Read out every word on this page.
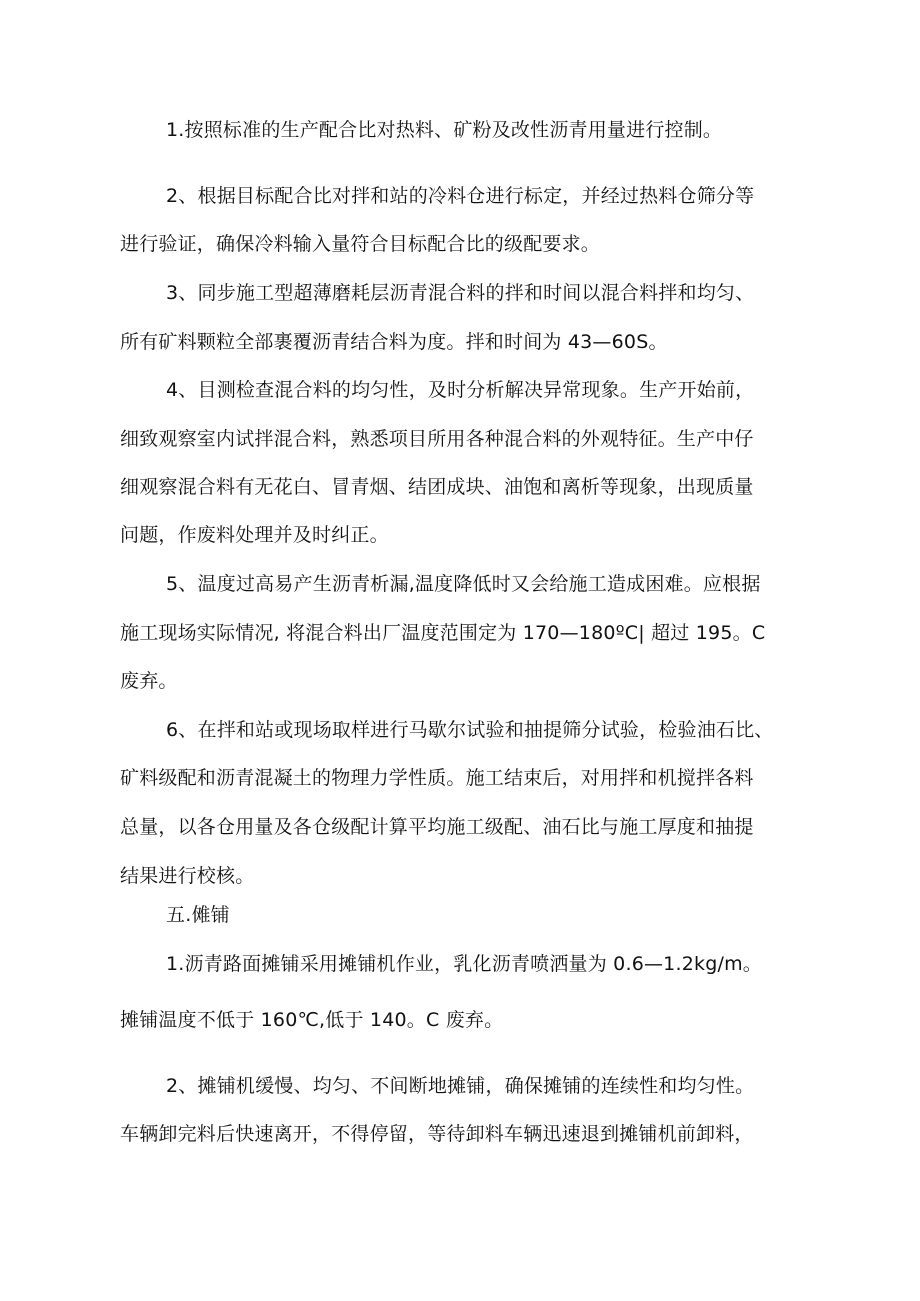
1.按照标准的生产配合比对热料、矿粉及改性沥青用量进行控制。
2、根据目标配合比对拌和站的冷料仓进行标定，并经过热料仓筛分等
进行验证，确保冷料输入量符合目标配合比的级配要求。
3、同步施工型超薄磨耗层沥青混合料的拌和时间以混合料拌和均匀、
所有矿料颗粒全部裹覆沥青结合料为度。拌和时间为 43—60S。
4、目测检查混合料的均匀性，及时分析解决异常现象。生产开始前，
细致观察室内试拌混合料，熟悉项目所用各种混合料的外观特征。生产中仔
细观察混合料有无花白、冒青烟、结团成块、油饱和离析等现象，出现质量
问题，作废料处理并及时纠正。
5、温度过高易产生沥青析漏,温度降低时又会给施工造成困难。应根据
施工现场实际情况, 将混合料出厂温度范围定为 170—180ºC| 超过 195。C
废弃。
6、在拌和站或现场取样进行马歇尔试验和抽提筛分试验，检验油石比、
矿料级配和沥青混凝土的物理力学性质。施工结束后，对用拌和机搅拌各料
总量，以各仓用量及各仓级配计算平均施工级配、油石比与施工厚度和抽提
结果进行校核。
五.傩铺
1.沥青路面摊铺采用摊铺机作业，乳化沥青喷洒量为 0.6—1.2kg/m。
摊铺温度不低于 160℃,低于 140。C 废弃。
2、摊铺机缓慢、均匀、不间断地摊铺，确保摊铺的连续性和均匀性。
车辆卸完料后快速离开，不得停留，等待卸料车辆迅速退到摊铺机前卸料，
